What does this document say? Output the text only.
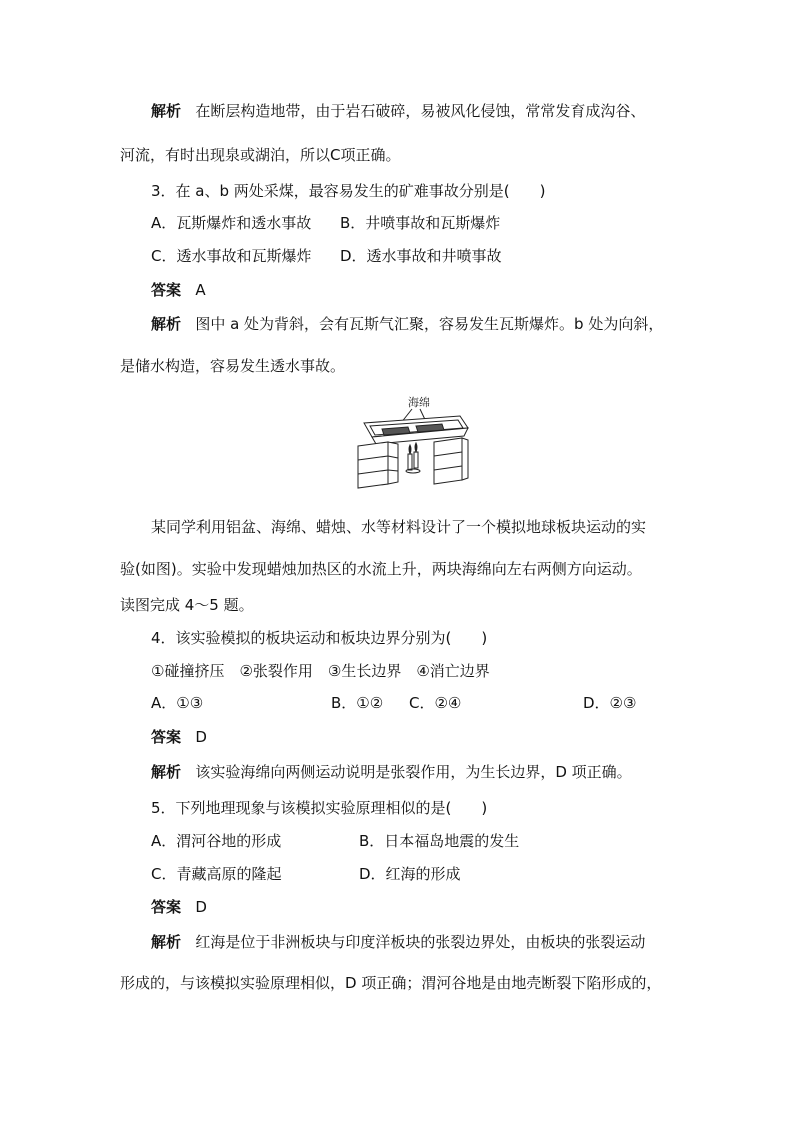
解析 在断层构造地带，由于岩石破碎，易被风化侵蚀，常常发育成沟谷、
河流，有时出现泉或湖泊，所以C项正确。
3．在 a、b 两处采煤，最容易发生的矿难事故分别是(　　)
A．瓦斯爆炸和透水事故 B．井喷事故和瓦斯爆炸
C．透水事故和瓦斯爆炸 D．透水事故和井喷事故
答案 A
解析 图中 a 处为背斜，会有瓦斯气汇聚，容易发生瓦斯爆炸。b 处为向斜，
是储水构造，容易发生透水事故。
海绵
某同学利用铝盆、海绵、蜡烛、水等材料设计了一个模拟地球板块运动的实
验(如图)。实验中发现蜡烛加热区的水流上升，两块海绵向左右两侧方向运动。
读图完成 4～5 题。
4．该实验模拟的板块运动和板块边界分别为(　　)
①碰撞挤压　②张裂作用　③生长边界　④消亡边界
A．①③	B．①② C．②④	D．②③
答案 D
解析 该实验海绵向两侧运动说明是张裂作用，为生长边界，D 项正确。
5．下列地理现象与该模拟实验原理相似的是(　　)
A．渭河谷地的形成	B．日本福岛地震的发生
C．青藏高原的隆起	D．红海的形成
答案 D
解析 红海是位于非洲板块与印度洋板块的张裂边界处，由板块的张裂运动
形成的，与该模拟实验原理相似，D 项正确；渭河谷地是由地壳断裂下陷形成的，
